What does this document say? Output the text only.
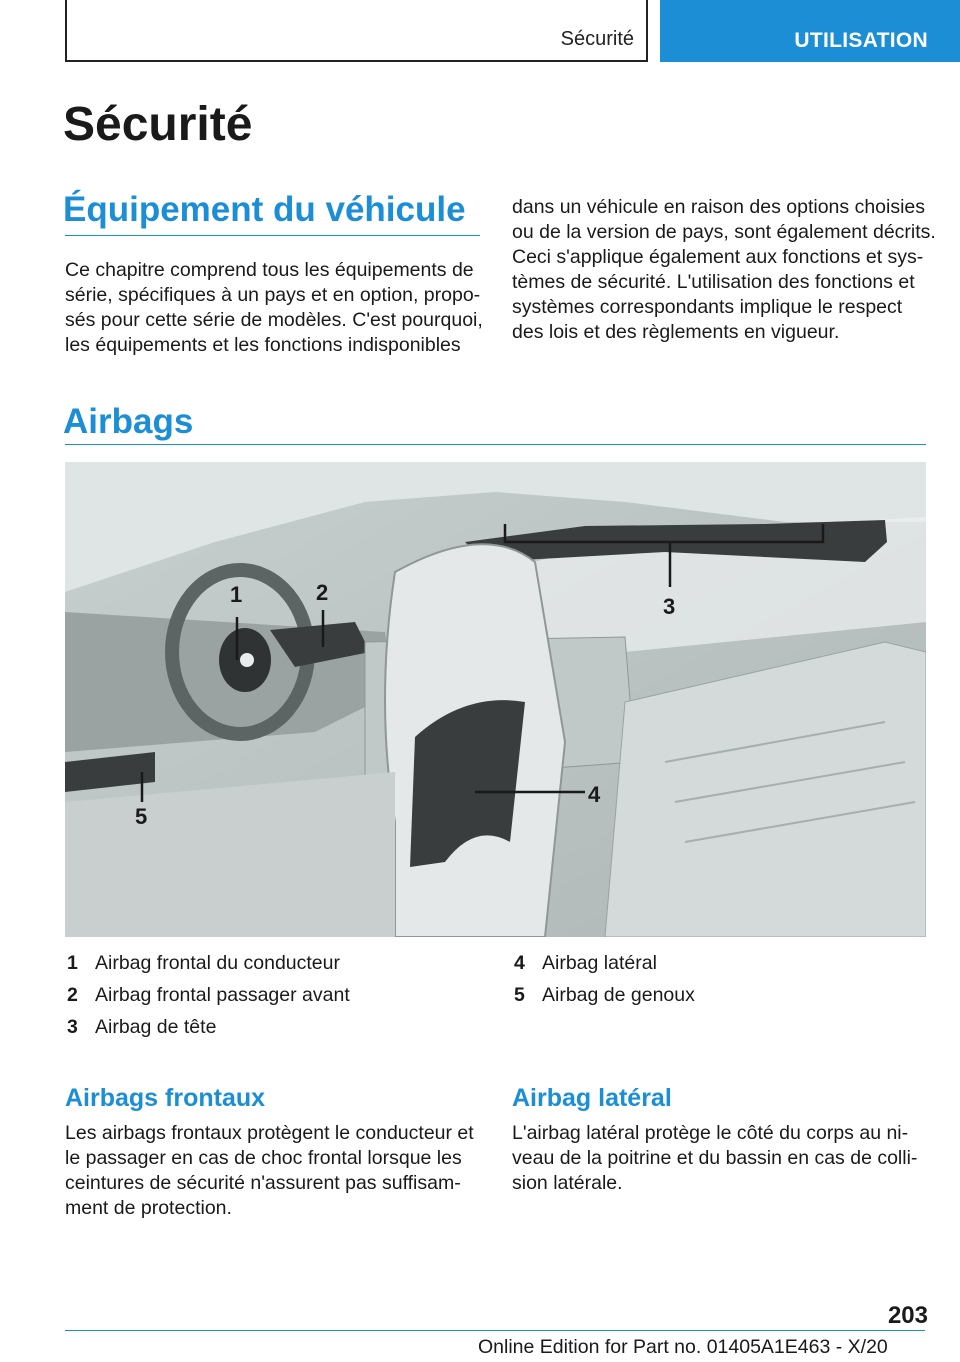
Sécurité	UTILISATION
Sécurité
Équipement du véhicule
Ce chapitre comprend tous les équipements de
série, spécifiques à un pays et en option, propo-
sés pour cette série de modèles. C'est pourquoi,
les équipements et les fonctions indisponibles
dans un véhicule en raison des options choisies
ou de la version de pays, sont également décrits.
Ceci s'applique également aux fonctions et sys-
tèmes de sécurité. L'utilisation des fonctions et
systèmes correspondants implique le respect
des lois et des règlements en vigueur.
Airbags
1	2
3
4
5
1 Airbag frontal du conducteur
2 Airbag frontal passager avant
3 Airbag de tête
4 Airbag latéral
5 Airbag de genoux
Airbags frontaux
Les airbags frontaux protègent le conducteur et
le passager en cas de choc frontal lorsque les
ceintures de sécurité n'assurent pas suffisam-
ment de protection.
Airbag latéral
L'airbag latéral protège le côté du corps au ni-
veau de la poitrine et du bassin en cas de colli-
sion latérale.
203
Online Edition for Part no. 01405A1E463 - X/20
